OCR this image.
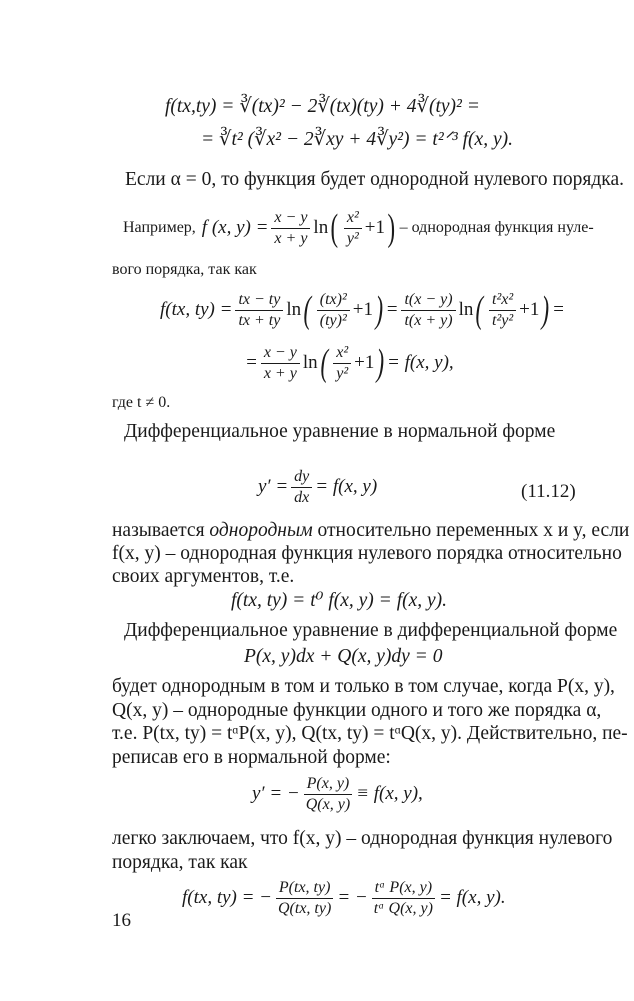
f(tx,ty) = ∛(tx)² − 2∛(tx)(ty) + 4∛(ty)² =
= ∛t² (∛x² − 2∛xy + 4∛y²) = t²ᐟ³ f(x, y).
Если α = 0, то функция будет однородной нулевого порядка.
Например, f (x, $y) = \frac{x - y}{x + y}$ ln ( $\frac{\text{x²}}{\text{y²}} +1$ ) – однородная функция нуле-
вого порядка, так как
f(tx, $ty) = \frac{tx - ty}{tx + ty}$ ln ( $\frac{\text{(tx)²}}{\text{(ty)²}} +1$ ) = $\frac{t(x - y)}{t(x + y)}$ ln ( $\frac{\text{t²x²}}{\text{t²y²}} +1$ ) =
= $\frac{x - y}{x + y}$ ln ( $\frac{\text{x²}}{\text{y²}} +1$ ) = f(x, y),
где t ≠ 0.
Дифференциальное уравнение в нормальной форме
$y' = \frac{dy}{dx} = f(x$, y)	(11.12)
называется однородным относительно переменных x и y, если
f(x, y) – однородная функция нулевого порядка относительно
своих аргументов, т.е.
f(tx, ty) = t⁰ f(x, y) = f(x, y).
Дифференциальное уравнение в дифференциальной форме
P(x, y)dx + Q(x, y)dy = 0
будет однородным в том и только в том случае, когда P(x, y),
Q(x, y) – однородные функции одного и того же порядка α,
т.е. P(tx, ty) = tᵅP(x, y), Q(tx, ty) = tᵅQ(x, y). Действительно, пе-
реписав его в нормальной форме:
y′ = − $\frac{P(x, y)}{Q(x, y)} \equiv f(x$, y),
легко заключаем, что f(x, y) – однородная функция нулевого
порядка, так как
f(tx, ty) = − $\frac{P(tx, ty)}{Q(tx, ty)}$ = − $\frac{\text{tᵅ P(x, y)}}{\text{tᵅ Q(x, y)}} = f(x$, y).
16
